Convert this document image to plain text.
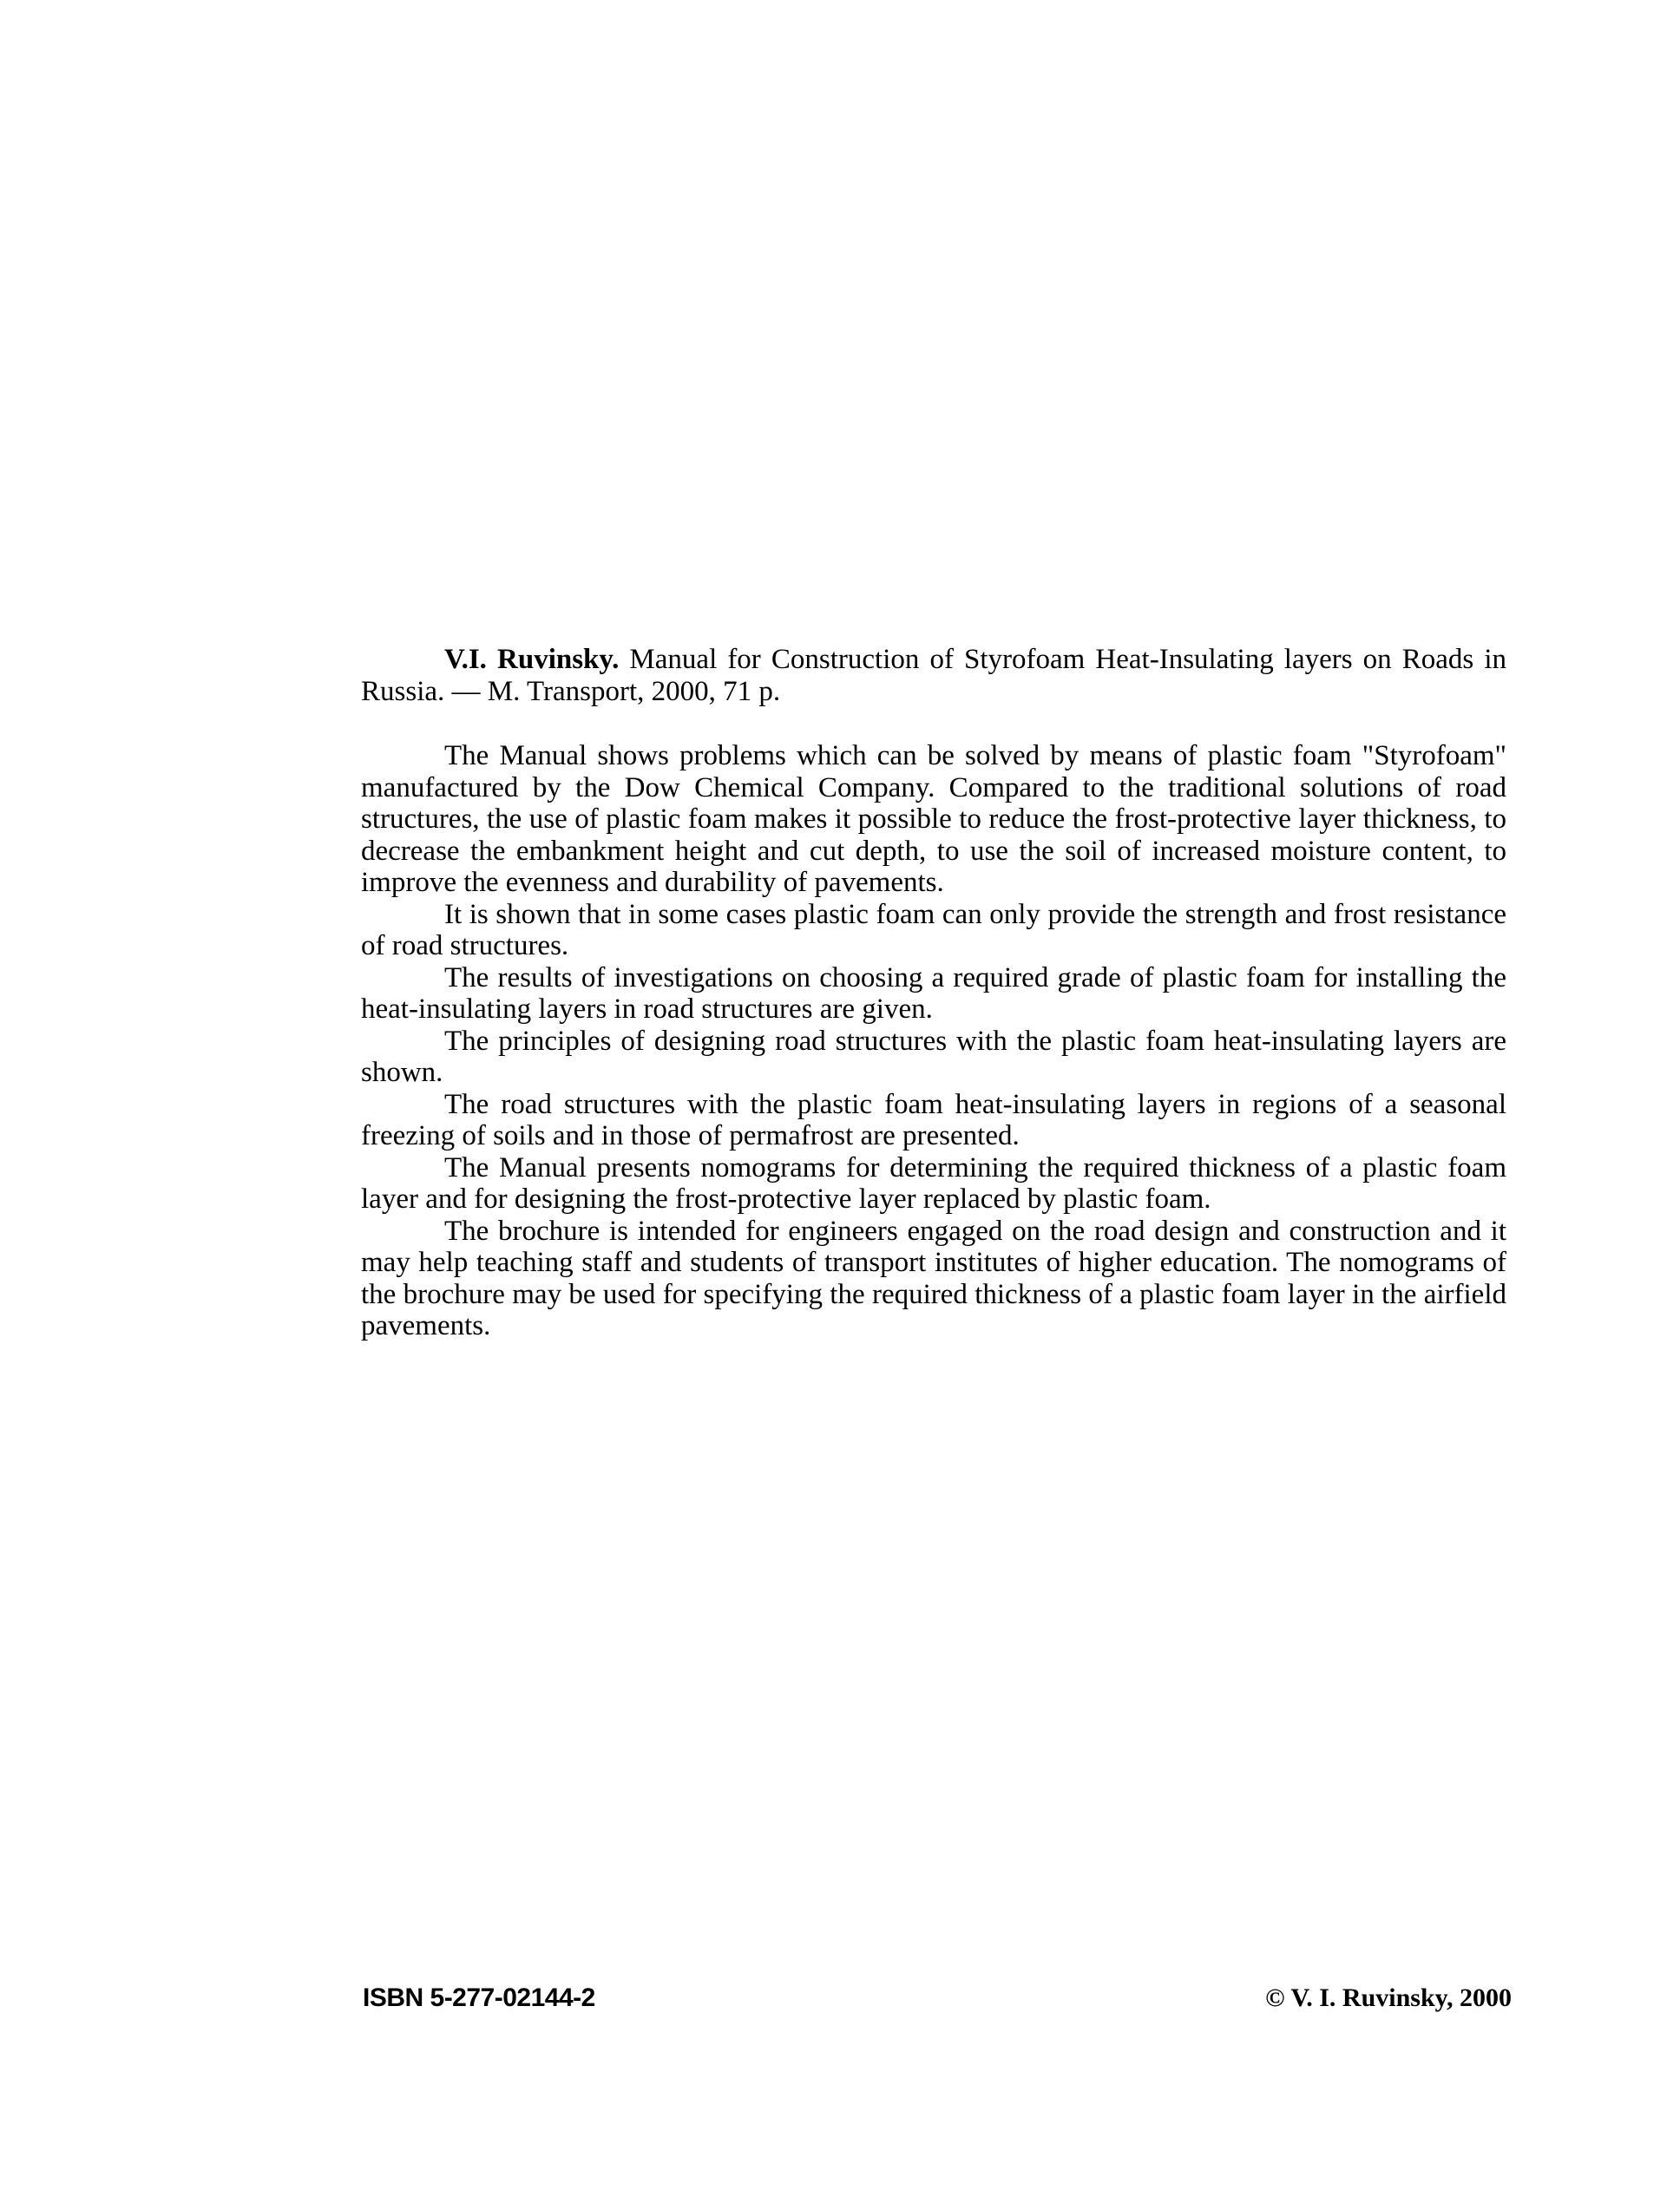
V.I. Ruvinsky. Manual for Construction of Styrofoam Heat-Insulating layers on Roads in Russia. — M. Transport, 2000, 71 p.

The Manual shows problems which can be solved by means of plastic foam "Styrofoam" manufactured by the Dow Chemical Company. Compared to the traditional solutions of road structures, the use of plastic foam makes it possible to reduce the frost-protective layer thickness, to decrease the embankment height and cut depth, to use the soil of increased moisture content, to improve the evenness and durability of pavements.

It is shown that in some cases plastic foam can only provide the strength and frost resistance of road structures.

The results of investigations on choosing a required grade of plastic foam for installing the heat-insulating layers in road structures are given.

The principles of designing road structures with the plastic foam heat-insulating layers are shown.

The road structures with the plastic foam heat-insulating layers in regions of a seasonal freezing of soils and in those of permafrost are presented.

The Manual presents nomograms for determining the required thickness of a plastic foam layer and for designing the frost-protective layer replaced by plastic foam.

The brochure is intended for engineers engaged on the road design and construction and it may help teaching staff and students of transport institutes of higher education. The nomograms of the brochure may be used for specifying the required thickness of a plastic foam layer in the airfield pavements.

ISBN 5-277-02144-2	© V. I. Ruvinsky, 2000
